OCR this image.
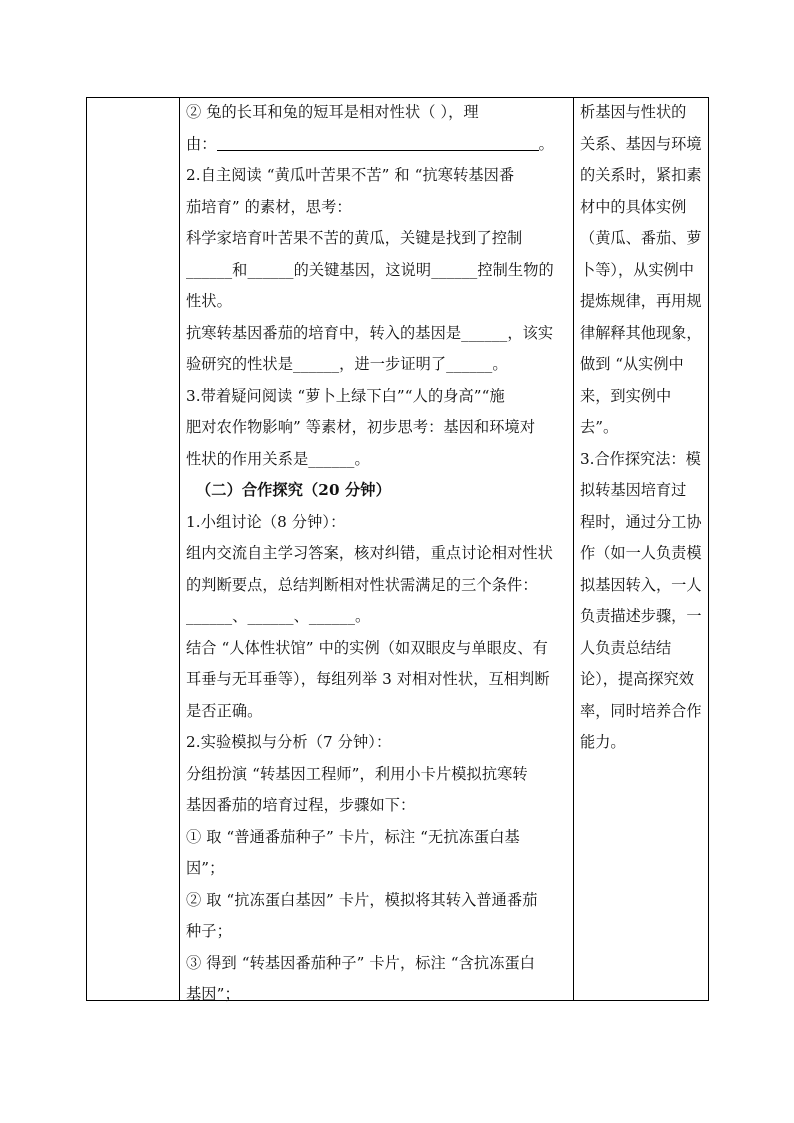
② 兔的长耳和兔的短耳是相对性状（ ），理
由：	。
2.自主阅读 “黄瓜叶苦果不苦” 和 “抗寒转基因番
茄培育” 的素材，思考：
科学家培育叶苦果不苦的黄瓜，关键是找到了控制
______和______的关键基因，这说明______控制生物的
性状。
抗寒转基因番茄的培育中，转入的基因是______，该实
验研究的性状是______，进一步证明了______。
3.带着疑问阅读 “萝卜上绿下白”“人的身高”“施
肥对农作物影响” 等素材，初步思考：基因和环境对
性状的作用关系是______。
（二）合作探究（20 分钟）
1.小组讨论（8 分钟）：
组内交流自主学习答案，核对纠错，重点讨论相对性状
的判断要点，总结判断相对性状需满足的三个条件：
______、______、______。
结合 “人体性状馆” 中的实例（如双眼皮与单眼皮、有
耳垂与无耳垂等），每组列举 3 对相对性状，互相判断
是否正确。
2.实验模拟与分析（7 分钟）：
分组扮演 “转基因工程师”，利用小卡片模拟抗寒转
基因番茄的培育过程，步骤如下：
① 取 “普通番茄种子” 卡片，标注 “无抗冻蛋白基
因”；
② 取 “抗冻蛋白基因” 卡片，模拟将其转入普通番茄
种子；
③ 得到 “转基因番茄种子” 卡片，标注 “含抗冻蛋白
基因”；
析基因与性状的
关系、基因与环境
的关系时，紧扣素
材中的具体实例
（黄瓜、番茄、萝
卜等），从实例中
提炼规律，再用规
律解释其他现象，
做到 “从实例中
来，到实例中
去”。
3.合作探究法：模
拟转基因培育过
程时，通过分工协
作（如一人负责模
拟基因转入，一人
负责描述步骤，一
人负责总结结
论），提高探究效
率，同时培养合作
能力。
